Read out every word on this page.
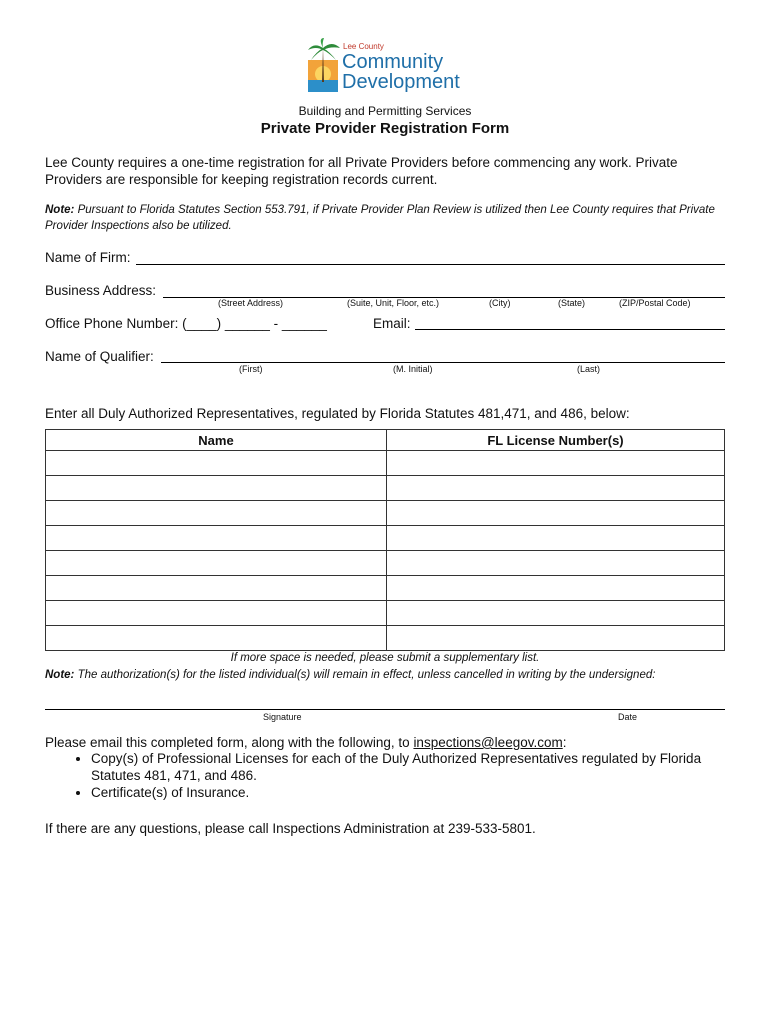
Lee County
Community
Development
Building and Permitting Services
Private Provider Registration Form
Lee County requires a one-time registration for all Private Providers before commencing any work. Private Providers are responsible for keeping registration records current.
Note: Pursuant to Florida Statutes Section 553.791, if Private Provider Plan Review is utilized then Lee County requires that Private Provider Inspections also be utilized.
Name of Firm:
Business Address:
(Street Address)	(Suite, Unit, Floor, etc.)	(City)	(State)	(ZIP/Postal Code)
Office Phone Number: (____) ______ - ______	Email:
Name of Qualifier:
(First)	(M. Initial)	(Last)
Enter all Duly Authorized Representatives, regulated by Florida Statutes 481,471, and 486, below:
Name	FL License Number(s)

If more space is needed, please submit a supplementary list.
Note: The authorization(s) for the listed individual(s) will remain in effect, unless cancelled in writing by the undersigned:
Signature	Date
Please email this completed form, along with the following, to inspections@leegov.com:
• Copy(s) of Professional Licenses for each of the Duly Authorized Representatives regulated by Florida Statutes 481, 471, and 486.
• Certificate(s) of Insurance.
If there are any questions, please call Inspections Administration at 239-533-5801.
